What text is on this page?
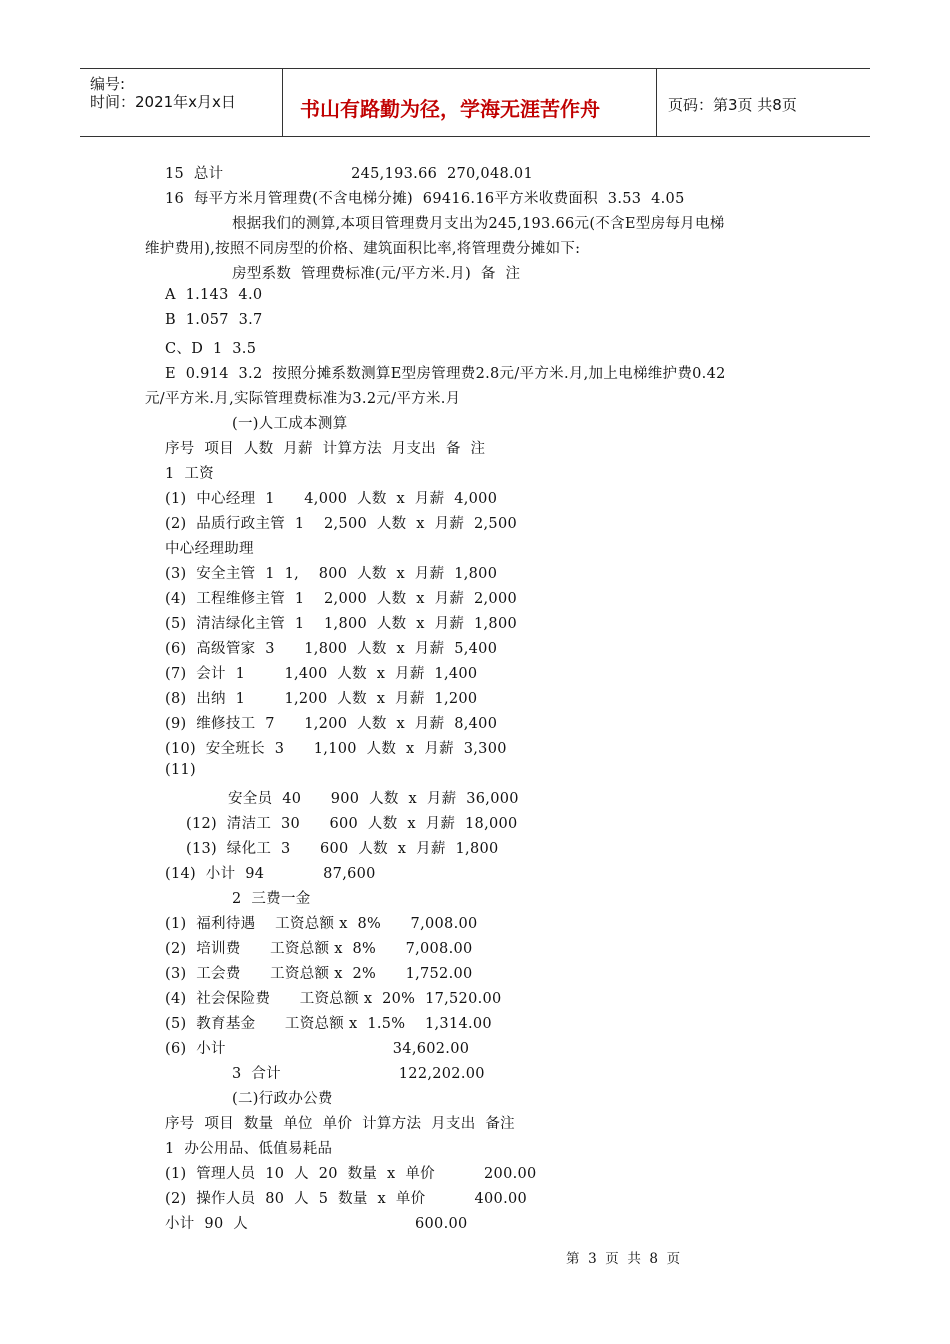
编号:
时间：2021年x月x日	书山有路勤为径，学海无涯苦作舟	页码：第3页 共8页
15  总计                          245,193.66  270,048.01
16  每平方米月管理费(不含电梯分摊)  69416.16平方米收费面积  3.53  4.05
根据我们的测算,本项目管理费月支出为245,193.66元(不含E型房每月电梯
维护费用),按照不同房型的价格、建筑面积比率,将管理费分摊如下:
房型系数  管理费标准(元/平方米.月)  备  注
A  1.143  4.0
B  1.057  3.7
C、D  1  3.5
E  0.914  3.2  按照分摊系数测算E型房管理费2.8元/平方米.月,加上电梯维护费0.42
元/平方米.月,实际管理费标准为3.2元/平方米.月
(一)人工成本测算
序号  项目  人数  月薪  计算方法  月支出  备  注
1  工资
(1)  中心经理  1      4,000  人数  x  月薪  4,000
(2)  品质行政主管  1    2,500  人数  x  月薪  2,500
中心经理助理
(3)  安全主管  1  1,    800  人数  x  月薪  1,800
(4)  工程维修主管  1    2,000  人数  x  月薪  2,000
(5)  清洁绿化主管  1    1,800  人数  x  月薪  1,800
(6)  高级管家  3      1,800  人数  x  月薪  5,400
(7)  会计  1        1,400  人数  x  月薪  1,400
(8)  出纳  1        1,200  人数  x  月薪  1,200
(9)  维修技工  7      1,200  人数  x  月薪  8,400
(10)  安全班长  3      1,100  人数  x  月薪  3,300
(11)
安全员  40      900  人数  x  月薪  36,000
(12)  清洁工  30      600  人数  x  月薪  18,000
(13)  绿化工  3      600  人数  x  月薪  1,800
(14)  小计  94            87,600
2  三费一金
(1)  福利待遇    工资总额 x  8%      7,008.00
(2)  培训费      工资总额 x  8%      7,008.00
(3)  工会费      工资总额 x  2%      1,752.00
(4)  社会保险费      工资总额 x  20%  17,520.00
(5)  教育基金      工资总额 x  1.5%    1,314.00
(6)  小计                                  34,602.00
3  合计                        122,202.00
(二)行政办公费
序号  项目  数量  单位  单价  计算方法  月支出  备注
1  办公用品、低值易耗品
(1)  管理人员  10  人  20  数量  x  单价          200.00
(2)  操作人员  80  人  5  数量  x  单价          400.00
小计  90  人                                  600.00
第  3  页  共  8  页
